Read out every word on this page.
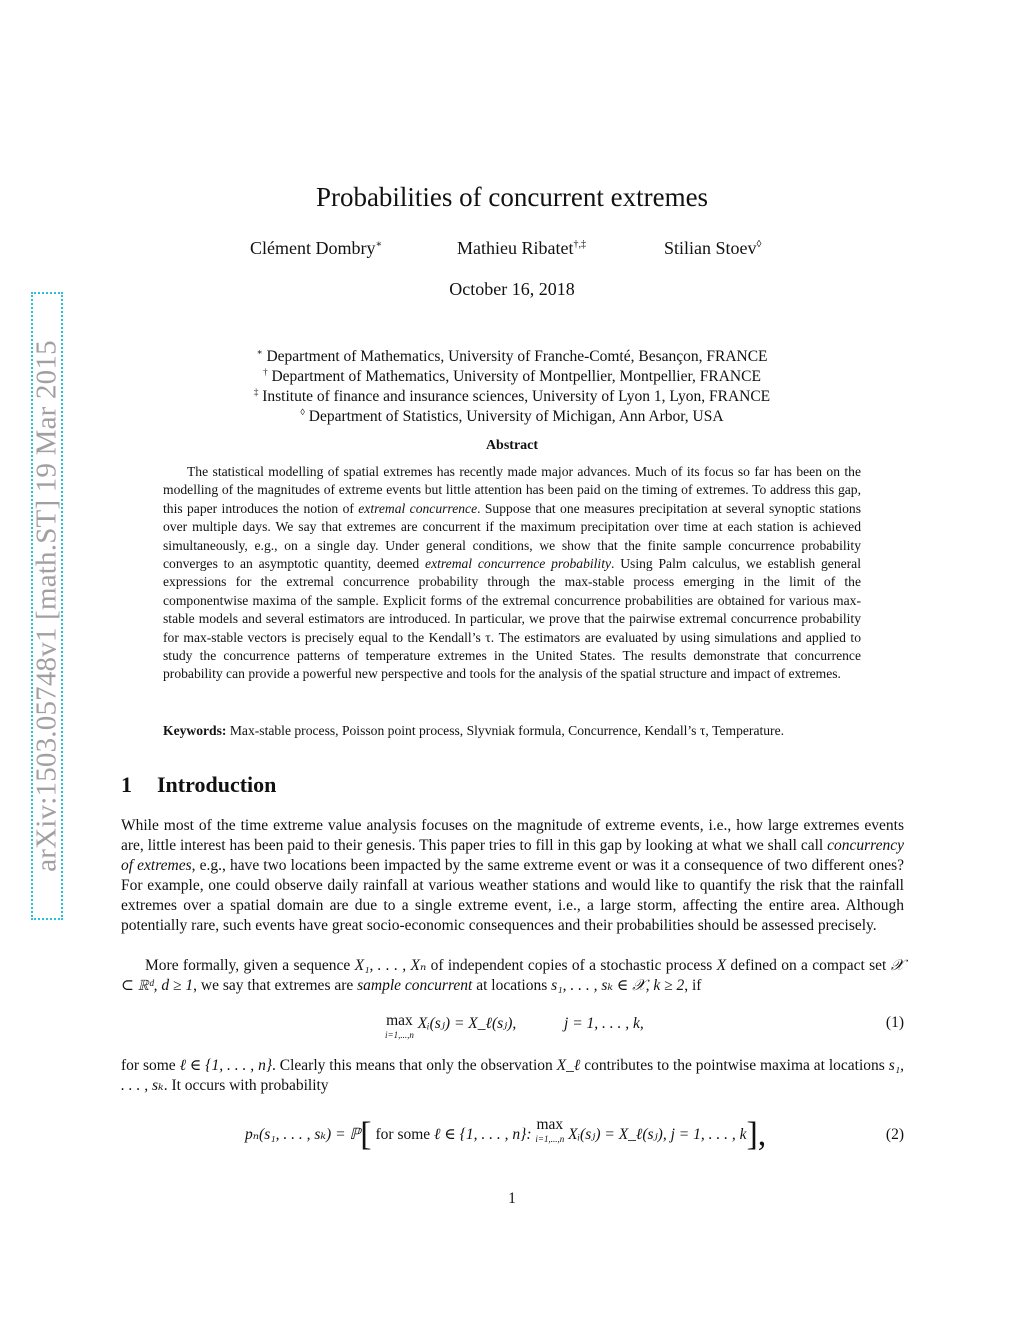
arXiv:1503.05748v1 [math.ST] 19 Mar 2015
Probabilities of concurrent extremes
Clément Dombry∗	Mathieu Ribatet†,‡	Stilian Stoev◊
October 16, 2018
∗ Department of Mathematics, University of Franche-Comté, Besançon, FRANCE
† Department of Mathematics, University of Montpellier, Montpellier, FRANCE
‡ Institute of finance and insurance sciences, University of Lyon 1, Lyon, FRANCE
◊ Department of Statistics, University of Michigan, Ann Arbor, USA
Abstract
The statistical modelling of spatial extremes has recently made major advances. Much of its focus so far has been on the modelling of the magnitudes of extreme events but little attention has been paid on the timing of extremes. To address this gap, this paper introduces the notion of extremal concurrence. Suppose that one measures precipitation at several synoptic stations over multiple days. We say that extremes are concurrent if the maximum precipitation over time at each station is achieved simultaneously, e.g., on a single day. Under general conditions, we show that the finite sample concurrence probability converges to an asymptotic quantity, deemed extremal concurrence probability. Using Palm calculus, we establish general expressions for the extremal concurrence probability through the max-stable process emerging in the limit of the componentwise maxima of the sample. Explicit forms of the extremal concurrence probabilities are obtained for various max-stable models and several estimators are introduced. In particular, we prove that the pairwise extremal concurrence probability for max-stable vectors is precisely equal to the Kendall’s τ. The estimators are evaluated by using simulations and applied to study the concurrence patterns of temperature extremes in the United States. The results demonstrate that concurrence probability can provide a powerful new perspective and tools for the analysis of the spatial structure and impact of extremes.
Keywords: Max-stable process, Poisson point process, Slyvniak formula, Concurrence, Kendall’s τ, Temperature.
1 Introduction
While most of the time extreme value analysis focuses on the magnitude of extreme events, i.e., how large extremes events are, little interest has been paid to their genesis. This paper tries to fill in this gap by looking at what we shall call concurrency of extremes, e.g., have two locations been impacted by the same extreme event or was it a consequence of two different ones? For example, one could observe daily rainfall at various weather stations and would like to quantify the risk that the rainfall extremes over a spatial domain are due to a single extreme event, i.e., a large storm, affecting the entire area. Although potentially rare, such events have great socio-economic consequences and their probabilities should be assessed precisely.
More formally, given a sequence X₁, . . . , Xₙ of independent copies of a stochastic process X defined on a compact set 𝒳 ⊂ ℝᵈ, d ≥ 1, we say that extremes are sample concurrent at locations s₁, . . . , sₖ ∈ 𝒳, k ≥ 2, if
max
i=1,...,n
Xᵢ(sⱼ) = X_ℓ(sⱼ),	j = 1, . . . , k,	(1)
for some ℓ ∈ {1, . . . , n}. Clearly this means that only the observation X_ℓ contributes to the pointwise maxima at locations s₁, . . . , sₖ. It occurs with probability
pₙ(s₁, . . . , sₖ) = ℙ[ for some ℓ ∈ {1, . . . , n}: max
i=1,...,n Xᵢ(sⱼ) = X_ℓ(sⱼ), j = 1, . . . , k],	(2)
1
